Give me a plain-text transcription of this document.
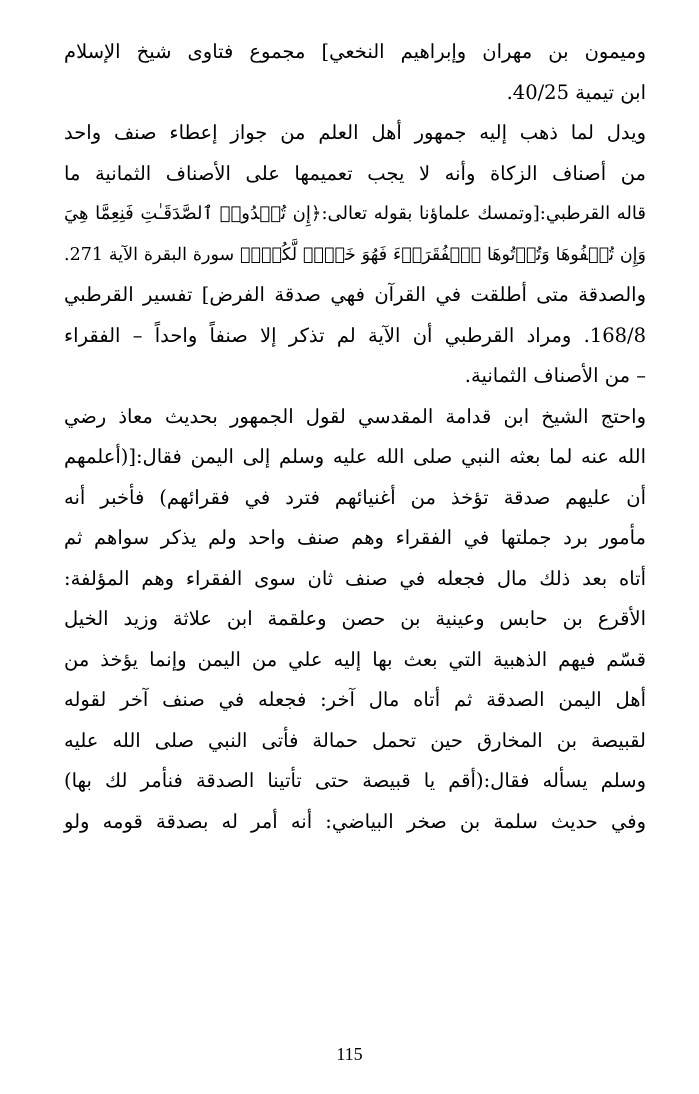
وميمون بن مهران وإبراهيم النخعي] مجموع فتاوى شيخ الإسلام
ابن تيمية 40/25.
ويدل لما ذهب إليه جمهور أهل العلم من جواز إعطاء صنف واحد
من أصناف الزكاة وأنه لا يجب تعميمها على الأصناف الثمانية ما
قاله القرطبي:[وتمسك علماؤنا بقوله تعالى:﴿إِن تُبۡدُوا۟ ٱلصَّدَقَـٰتِ فَنِعِمَّا هِيَ
وَإِن تُخۡفُوهَا وَتُؤۡتُوهَا ٱلۡفُقَرَاۤءَ فَهُوَ خَیۡرࣱ لَّكُمۡۚ﴾ سورة البقرة الآية 271.
والصدقة متى أطلقت في القرآن فهي صدقة الفرض] تفسير القرطبي
168/8. ومراد القرطبي أن الآية لم تذكر إلا صنفاً واحداً – الفقراء
– من الأصناف الثمانية.
واحتج الشيخ ابن قدامة المقدسي لقول الجمهور بحديث معاذ رضي
الله عنه لما بعثه النبي صلى الله عليه وسلم إلى اليمن فقال:[(أعلمهم
أن عليهم صدقة تؤخذ من أغنيائهم فترد في فقرائهم) فأخبر أنه
مأمور برد جملتها في الفقراء وهم صنف واحد ولم يذكر سواهم ثم
أتاه بعد ذلك مال فجعله في صنف ثان سوى الفقراء وهم المؤلفة:
الأقرع بن حابس وعينية بن حصن وعلقمة ابن علاثة وزيد الخيل
قسّم فيهم الذهبية التي بعث بها إليه علي من اليمن وإنما يؤخذ من
أهل اليمن الصدقة ثم أتاه مال آخر: فجعله في صنف آخر لقوله
لقبيصة بن المخارق حين تحمل حمالة فأتى النبي صلى الله عليه
وسلم يسأله فقال:(أقم يا قبيصة حتى تأتينا الصدقة فنأمر لك بها)
وفي حديث سلمة بن صخر البياضي: أنه أمر له بصدقة قومه ولو
115
